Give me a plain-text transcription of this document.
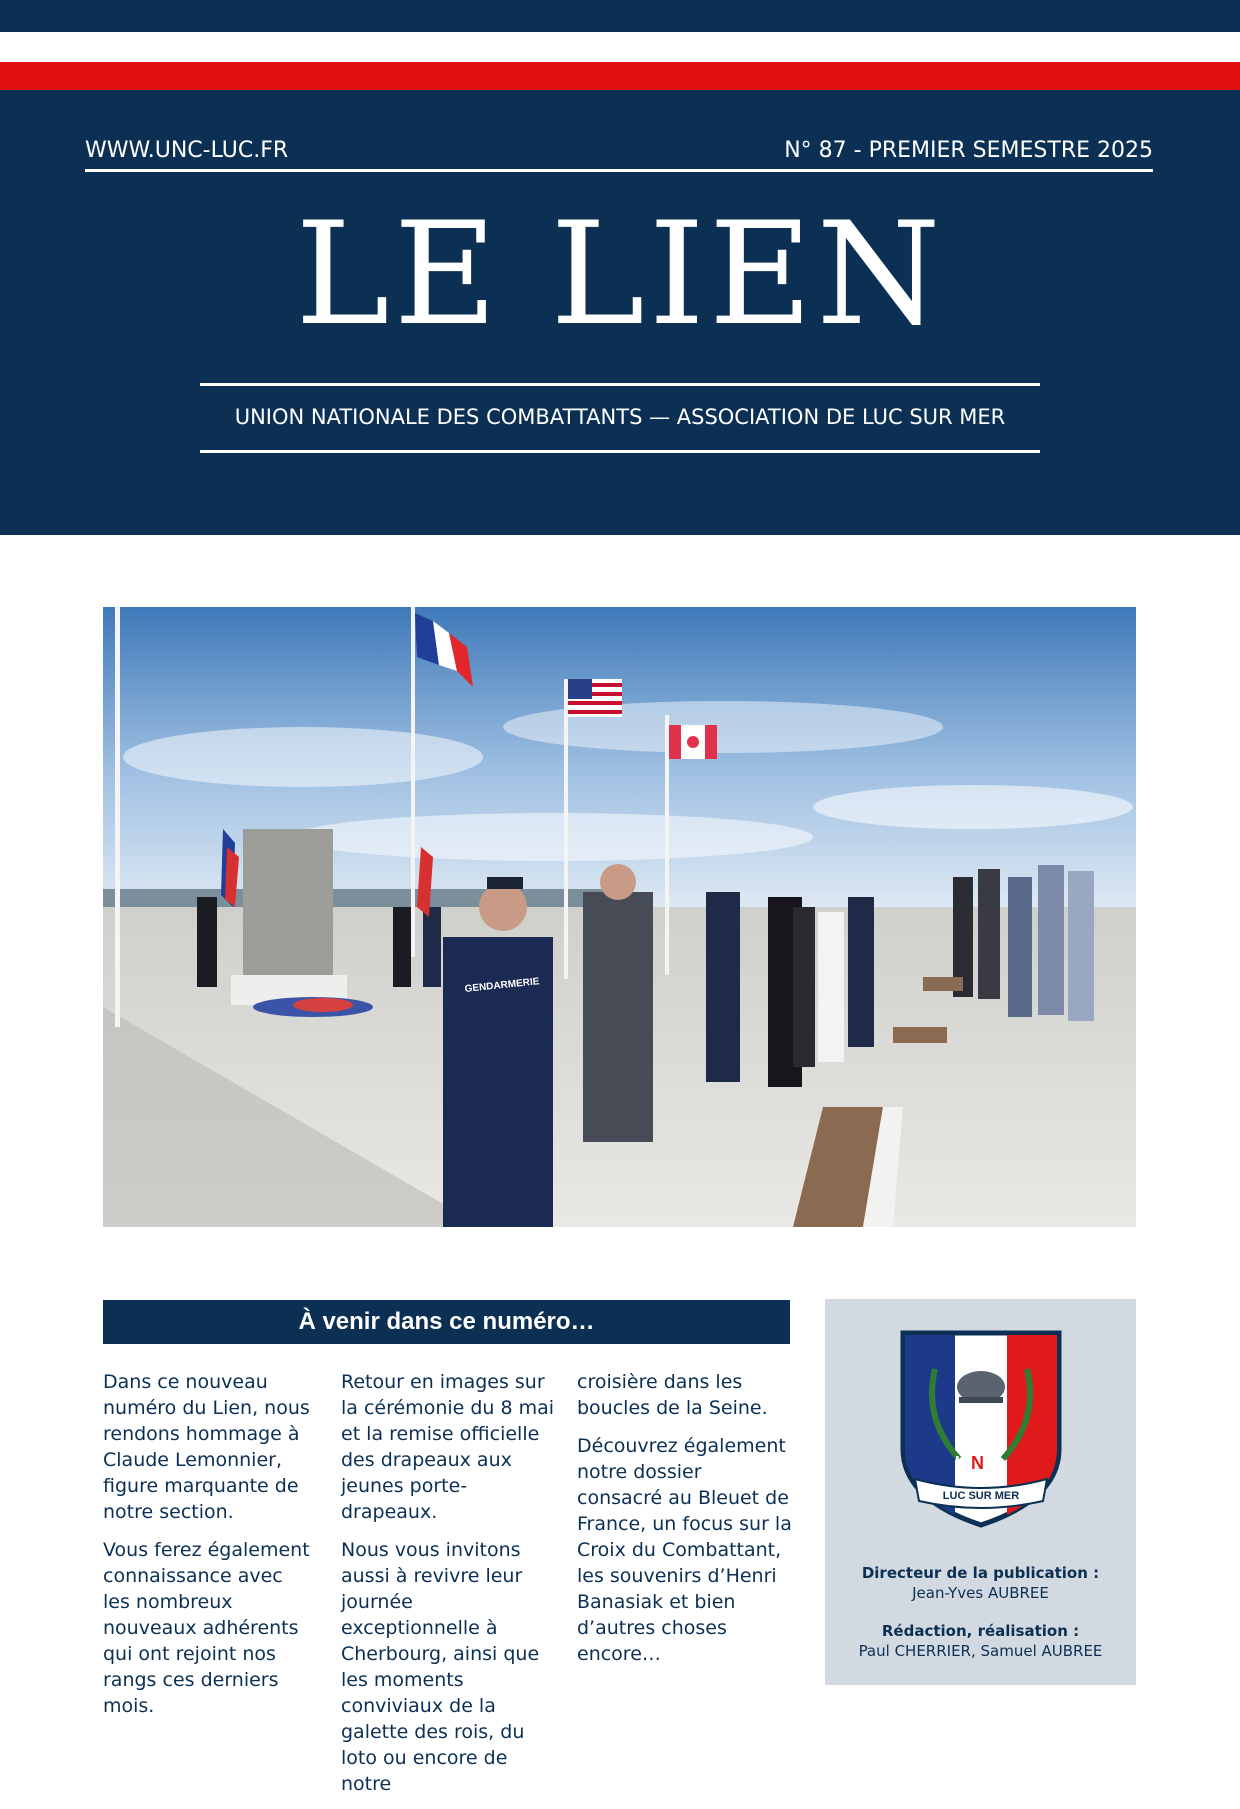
WWW.UNC-LUC.FR	N° 87 - PREMIER SEMESTRE 2025
LE LIEN
UNION NATIONALE DES COMBATTANTS — ASSOCIATION DE LUC SUR MER
GENDARMERIE
À venir dans ce numéro…

Dans ce nouveau numéro du Lien, nous rendons hommage à Claude Lemonnier, figure marquante de notre section.

Vous ferez également connaissance avec les nombreux nouveaux adhérents qui ont rejoint nos rangs ces derniers mois.

Retour en images sur la cérémonie du 8 mai et la remise officielle des drapeaux aux jeunes porte-drapeaux.

Nous vous invitons aussi à revivre leur journée exceptionnelle à Cherbourg, ainsi que les moments conviviaux de la galette des rois, du loto ou encore de notre

croisière dans les boucles de la Seine.

Découvrez également notre dossier consacré au Bleuet de France, un focus sur la Croix du Combattant, les souvenirs d’Henri Banasiak et bien d’autres choses encore…

U N C
LUC SUR MER
Directeur de la publication :
Jean-Yves AUBREE
Rédaction, réalisation :
Paul CHERRIER, Samuel AUBREE
